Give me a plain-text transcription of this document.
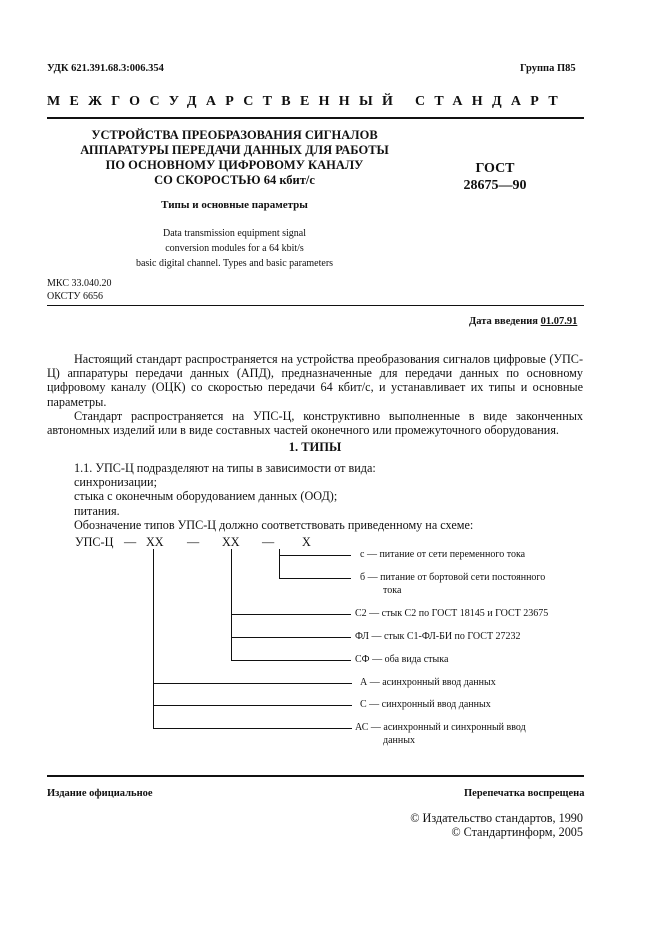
УДК 621.391.68.3:006.354	Группа П85
МЕЖГОСУДАРСТВЕННЫЙ СТАНДАРТ
УСТРОЙСТВА ПРЕОБРАЗОВАНИЯ СИГНАЛОВ
АППАРАТУРЫ ПЕРЕДАЧИ ДАННЫХ ДЛЯ РАБОТЫ
ПО ОСНОВНОМУ ЦИФРОВОМУ КАНАЛУ
СО СКОРОСТЬЮ 64 кбит/с
Типы и основные параметры
Data transmission equipment signal
conversion modules for a 64 kbit/s
basic digital channel. Types and basic parameters
ГОСТ
28675—90
МКС 33.040.20
ОКСТУ 6656
Дата введения 01.07.91

Настоящий стандарт распространяется на устройства преобразования сигналов цифровые (УПС-Ц) аппаратуры передачи данных (АПД), предназначенные для передачи данных по основному цифровому каналу (ОЦК) со скоростью передачи 64 кбит/с, и устанавливает их типы и основные параметры.

Стандарт распространяется на УПС-Ц, конструктивно выполненные в виде законченных автономных изделий или в виде составных частей оконечного или промежуточного оборудования.

1. ТИПЫ
1.1. УПС-Ц подразделяют на типы в зависимости от вида:
синхронизации;
стыка с оконечным оборудованием данных (ООД);
питания.
Обозначение типов УПС-Ц должно соответствовать приведенному на схеме:
УПС-Ц — XX — XX — X
с — питание от сети переменного тока
б — питание от бортовой сети постоянного
тока
С2 — стык С2 по ГОСТ 18145 и ГОСТ 23675
ФЛ — стык С1-ФЛ-БИ по ГОСТ 27232
СФ — оба вида стыка
А — асинхронный ввод данных
С — синхронный ввод данных
АС — асинхронный и синхронный ввод
данных
Издание официальное	Перепечатка воспрещена
© Издательство стандартов, 1990
© Стандартинформ, 2005
